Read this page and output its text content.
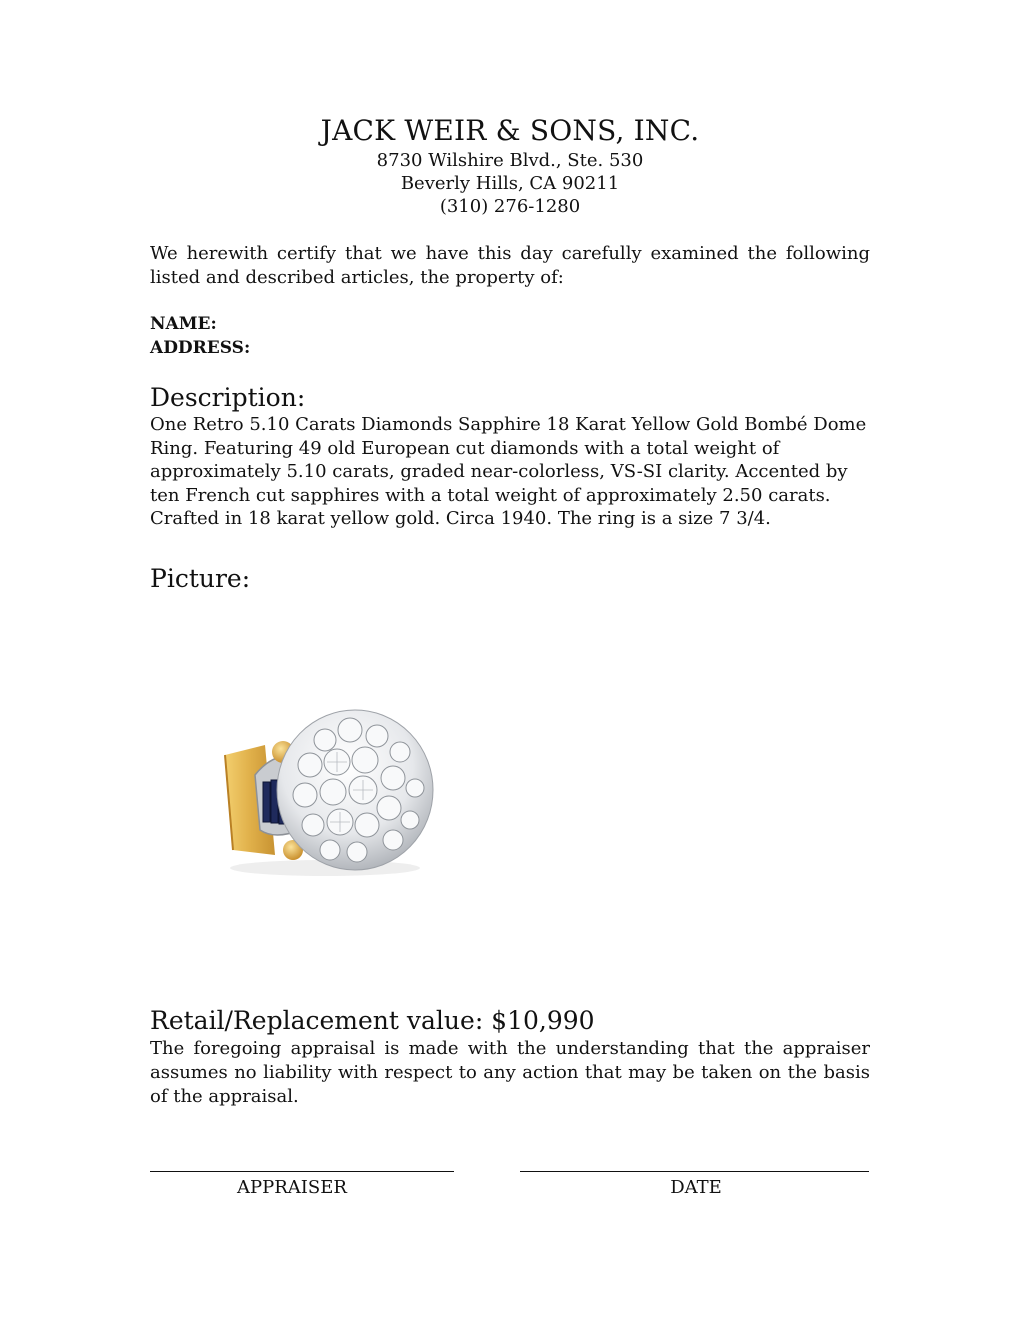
JACK WEIR & SONS, INC.
8730 Wilshire Blvd., Ste. 530
Beverly Hills, CA 90211
(310) 276-1280
We herewith certify that we have this day carefully examined the following listed and described articles, the property of:
NAME:
ADDRESS:
Description:
One Retro 5.10 Carats Diamonds Sapphire 18 Karat Yellow Gold Bombé Dome Ring. Featuring 49 old European cut diamonds with a total weight of approximately 5.10 carats, graded near-colorless, VS-SI clarity. Accented by ten French cut sapphires with a total weight of approximately 2.50 carats. Crafted in 18 karat yellow gold. Circa 1940. The ring is a size 7 3/4.
Picture:
Retail/Replacement value: $10,990
The foregoing appraisal is made with the understanding that the appraiser assumes no liability with respect to any action that may be taken on the basis of the appraisal.
APPRAISER	DATE
